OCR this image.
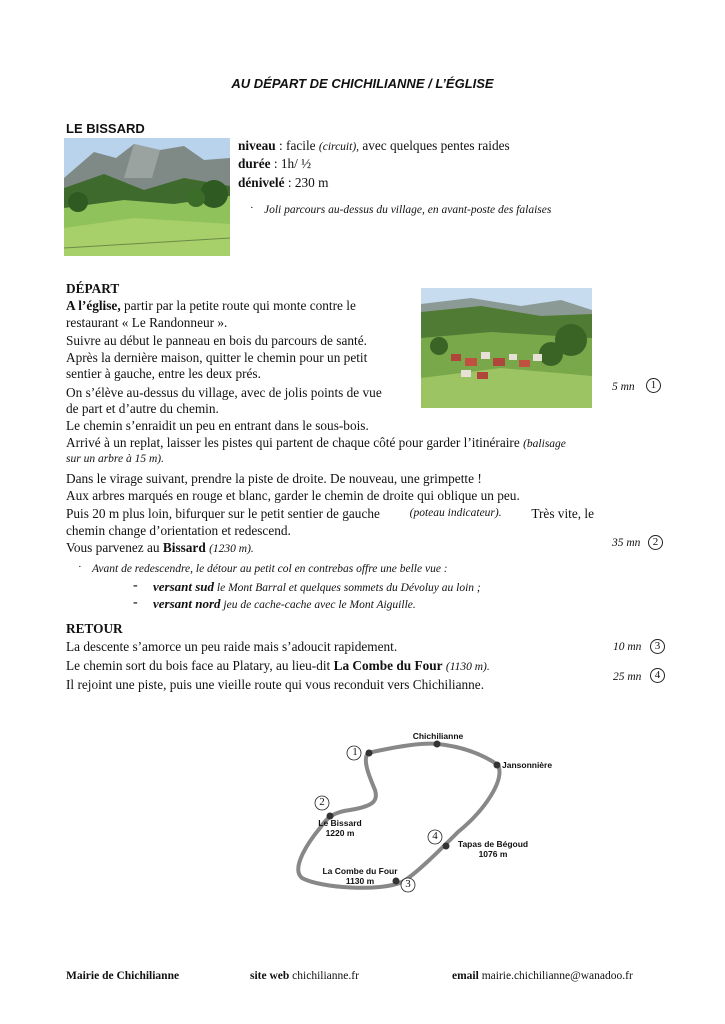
AU DÉPART DE CHICHILIANNE / L’ÉGLISE
LE BISSARD
niveau : facile (circuit), avec quelques pentes raides
durée : 1h/ ½
dénivelé : 230 m
· Joli parcours au-dessus du village, en avant-poste des falaises
DÉPART
A l’église, partir par la petite route qui monte contre le
restaurant « Le Randonneur ».
Suivre au début le panneau en bois du parcours de santé.
Après la dernière maison, quitter le chemin pour un petit
sentier à gauche, entre les deux prés.
On s’élève au-dessus du village, avec de jolis points de vue
de part et d’autre du chemin.
Le chemin s’enraidit un peu en entrant dans le sous-bois.
Arrivé à un replat, laisser les pistes qui partent de chaque côté pour garder l’itinéraire (balisage
sur un arbre à 15 m).
Dans le virage suivant, prendre la piste de droite. De nouveau, une grimpette !
Aux arbres marqués en rouge et blanc, garder le chemin de droite qui oblique un peu.
Puis 20 m plus loin, bifurquer sur le petit sentier de gauche	(poteau indicateur). Très vite, le
chemin change d’orientation et redescend.
Vous parvenez au Bissard (1230 m).
5 mn	1
35 mn	2
10 mn	3
25 mn	4
· Avant de redescendre, le détour au petit col en contrebas offre une belle vue :
- versant sud le Mont Barral et quelques sommets du Dévoluy au loin ;
- versant nord jeu de cache-cache avec le Mont Aiguille.
RETOUR
La descente s’amorce un peu raide mais s’adoucit rapidement.
Le chemin sort du bois face au Platary, au lieu-dit La Combe du Four (1130 m).
Il rejoint une piste, puis une vieille route qui vous reconduit vers Chichilianne.
1
2
3
4
Chichilianne
Jansonnière
Le Bissard
1220 m
Tapas de Bégoud
1076 m
La Combe du Four
1130 m
Mairie de Chichilianne	site web chichilianne.fr	email mairie.chichilianne@wanadoo.fr
